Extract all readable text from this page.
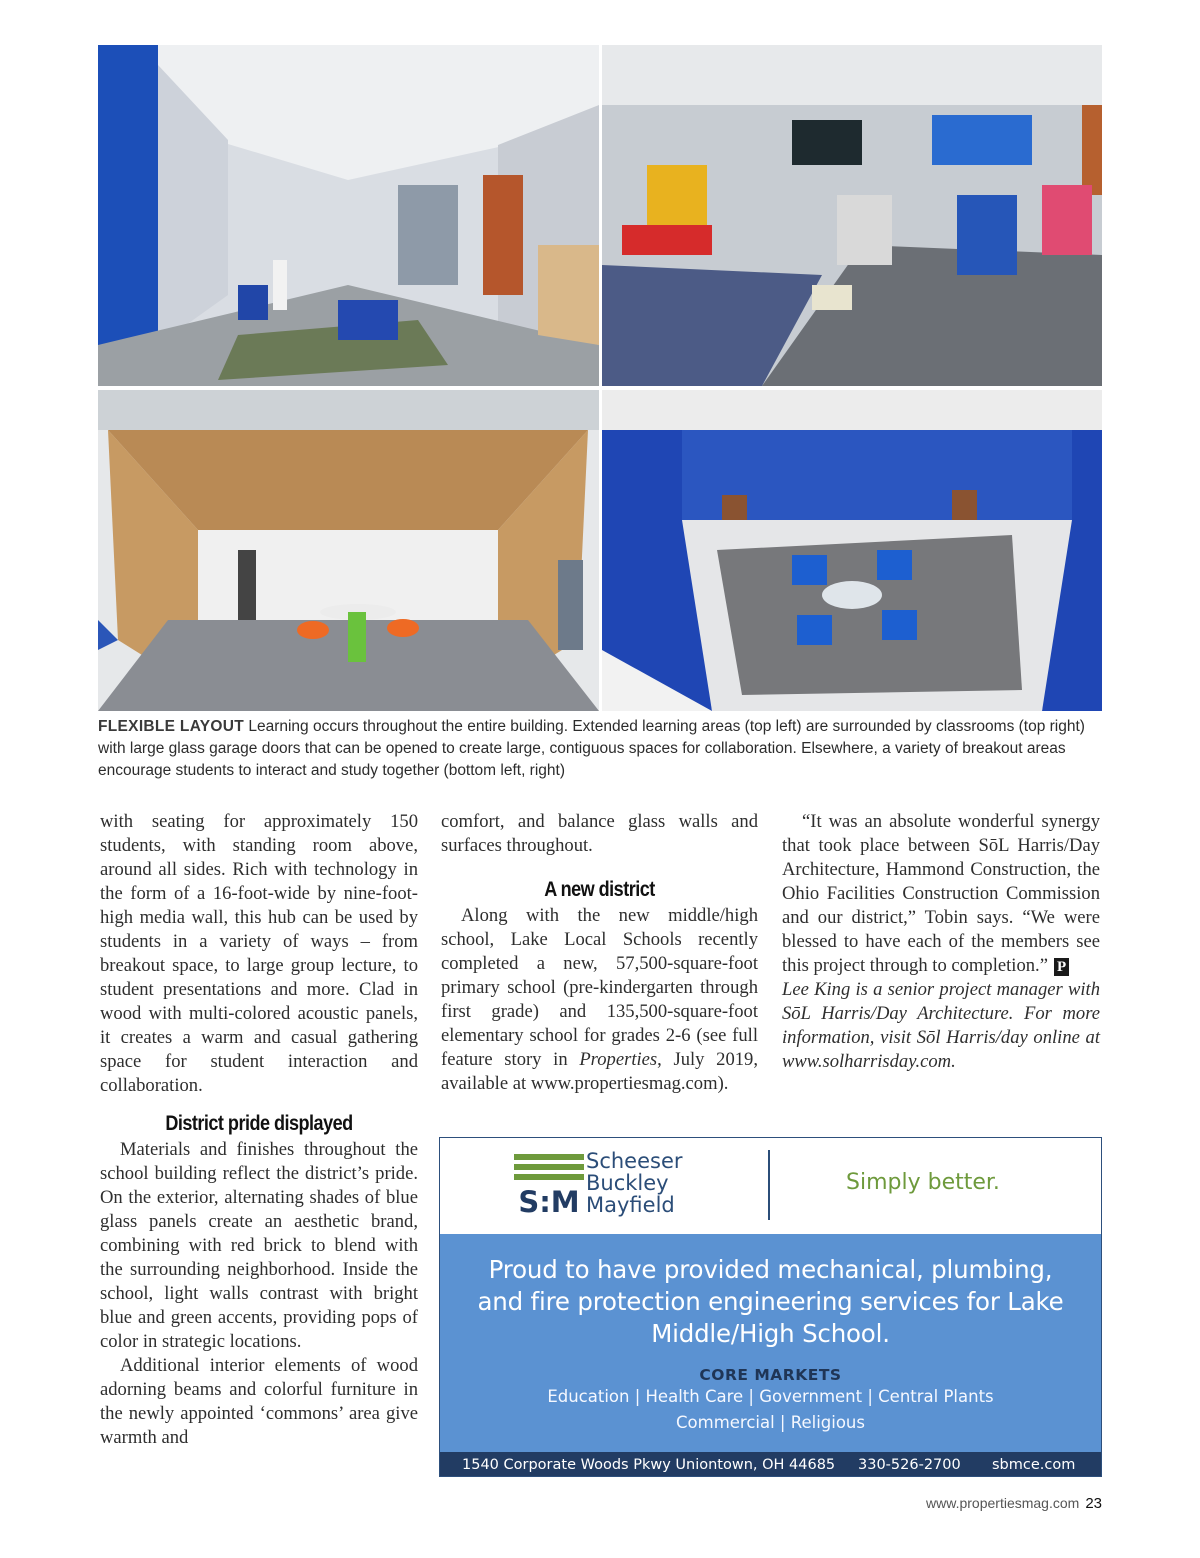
FLEXIBLE LAYOUT Learning occurs throughout the entire building. Extended learning areas (top left) are surrounded by classrooms (top right) with large glass garage doors that can be opened to create large, contiguous spaces for collaboration. Elsewhere, a variety of breakout areas encourage students to interact and study together (bottom left, right)

with seating for approximately 150 students, with standing room above, around all sides. Rich with technology in the form of a 16-foot-wide by nine-foot-high media wall, this hub can be used by students in a variety of ways – from breakout space, to large group lecture, to student presentations and more. Clad in wood with multi-colored acoustic panels, it creates a warm and casual gathering space for student interaction and collaboration.

District pride displayed

Materials and finishes throughout the school building reflect the district’s pride. On the exterior, alternating shades of blue glass panels create an aesthetic brand, combining with red brick to blend with the surrounding neighborhood. Inside the school, light walls contrast with bright blue and green accents, providing pops of color in strategic locations.

Additional interior elements of wood adorning beams and colorful furniture in the newly appointed ‘commons’ area give warmth and

comfort, and balance glass walls and surfaces throughout.

A new district

Along with the new middle/high school, Lake Local Schools recently completed a new, 57,500-square-foot primary school (pre-kindergarten through first grade) and 135,500-square-foot elementary school for grades 2-6 (see full feature story in Properties, July 2019, available at www.propertiesmag.com).

“It was an absolute wonderful synergy that took place between SōL Harris/Day Architecture, Hammond Construction, the Ohio Facilities Construction Commission and our district,” Tobin says. “We were blessed to have each of the members see this project through to completion.” P

Lee King is a senior project manager with SōL Harris/Day Architecture. For more information, visit Sōl Harris/day online at www.solharrisday.com.

S:M
Scheeser
Buckley
Mayfield
Simply better.
Proud to have provided mechanical, plumbing, and fire protection engineering services for Lake Middle/High School.
CORE MARKETS
Education | Health Care | Government | Central Plants
Commercial | Religious
1540 Corporate Woods Pkwy Uniontown, OH 44685 330-526-2700 sbmce.com
www.propertiesmag.com 23
